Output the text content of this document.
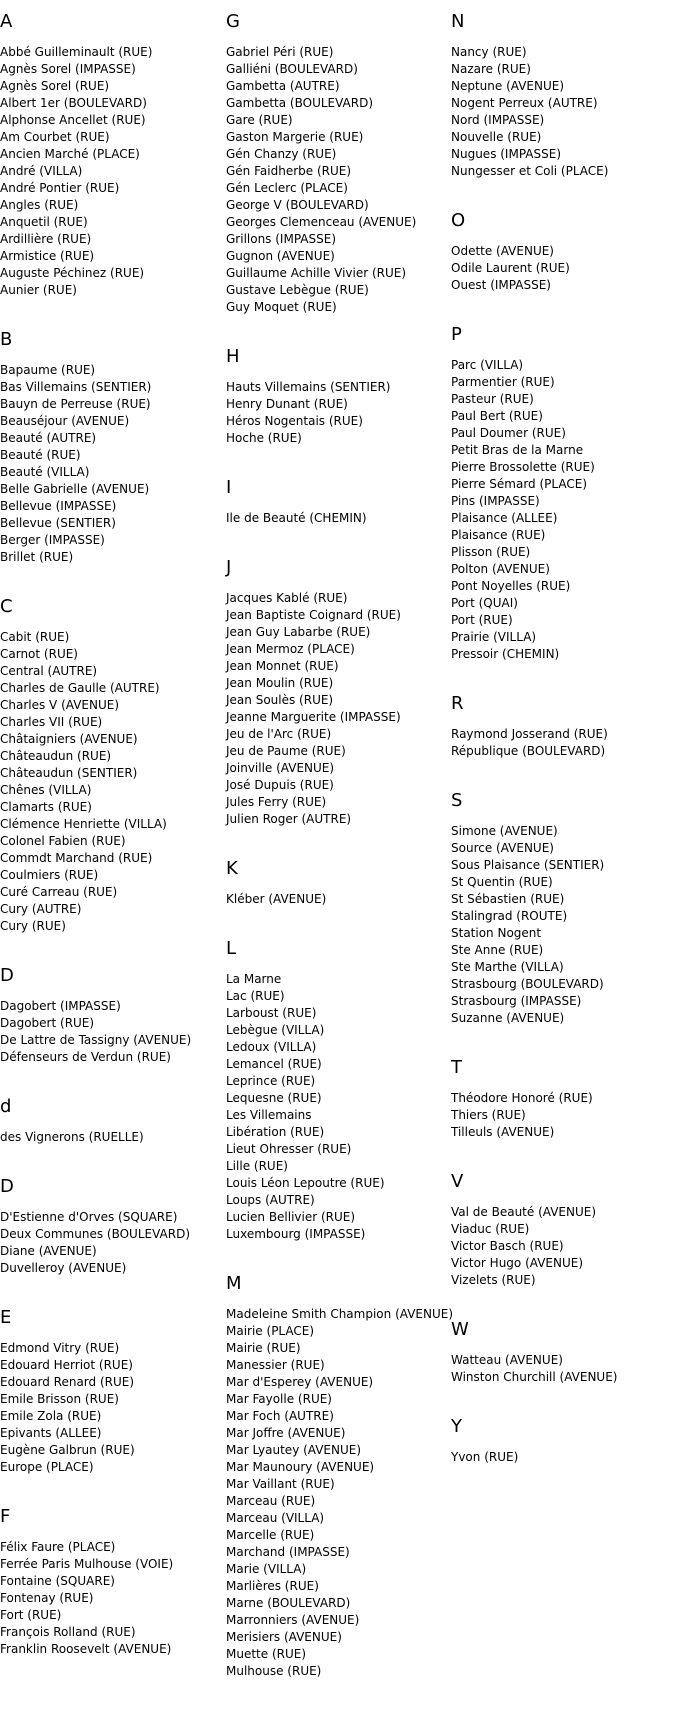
A
Abbé Guilleminault (RUE)
Agnès Sorel (IMPASSE)
Agnès Sorel (RUE)
Albert 1er (BOULEVARD)
Alphonse Ancellet (RUE)
Am Courbet (RUE)
Ancien Marché (PLACE)
André (VILLA)
André Pontier (RUE)
Angles (RUE)
Anquetil (RUE)
Ardillière (RUE)
Armistice (RUE)
Auguste Péchinez (RUE)
Aunier (RUE)
B
Bapaume (RUE)
Bas Villemains (SENTIER)
Bauyn de Perreuse (RUE)
Beauséjour (AVENUE)
Beauté (AUTRE)
Beauté (RUE)
Beauté (VILLA)
Belle Gabrielle (AVENUE)
Bellevue (IMPASSE)
Bellevue (SENTIER)
Berger (IMPASSE)
Brillet (RUE)
C
Cabit (RUE)
Carnot (RUE)
Central (AUTRE)
Charles de Gaulle (AUTRE)
Charles V (AVENUE)
Charles VII (RUE)
Châtaigniers (AVENUE)
Châteaudun (RUE)
Châteaudun (SENTIER)
Chênes (VILLA)
Clamarts (RUE)
Clémence Henriette (VILLA)
Colonel Fabien (RUE)
Commdt Marchand (RUE)
Coulmiers (RUE)
Curé Carreau (RUE)
Cury (AUTRE)
Cury (RUE)
D
Dagobert (IMPASSE)
Dagobert (RUE)
De Lattre de Tassigny (AVENUE)
Défenseurs de Verdun (RUE)
d
des Vignerons (RUELLE)
D
D'Estienne d'Orves (SQUARE)
Deux Communes (BOULEVARD)
Diane (AVENUE)
Duvelleroy (AVENUE)
E
Edmond Vitry (RUE)
Edouard Herriot (RUE)
Edouard Renard (RUE)
Emile Brisson (RUE)
Emile Zola (RUE)
Epivants (ALLEE)
Eugène Galbrun (RUE)
Europe (PLACE)
F
Félix Faure (PLACE)
Ferrée Paris Mulhouse (VOIE)
Fontaine (SQUARE)
Fontenay (RUE)
Fort (RUE)
François Rolland (RUE)
Franklin Roosevelt (AVENUE)
G
Gabriel Péri (RUE)
Galliéni (BOULEVARD)
Gambetta (AUTRE)
Gambetta (BOULEVARD)
Gare (RUE)
Gaston Margerie (RUE)
Gén Chanzy (RUE)
Gén Faidherbe (RUE)
Gén Leclerc (PLACE)
George V (BOULEVARD)
Georges Clemenceau (AVENUE)
Grillons (IMPASSE)
Gugnon (AVENUE)
Guillaume Achille Vivier (RUE)
Gustave Lebègue (RUE)
Guy Moquet (RUE)
H
Hauts Villemains (SENTIER)
Henry Dunant (RUE)
Héros Nogentais (RUE)
Hoche (RUE)
I
Ile de Beauté (CHEMIN)
J
Jacques Kablé (RUE)
Jean Baptiste Coignard (RUE)
Jean Guy Labarbe (RUE)
Jean Mermoz (PLACE)
Jean Monnet (RUE)
Jean Moulin (RUE)
Jean Soulès (RUE)
Jeanne Marguerite (IMPASSE)
Jeu de l'Arc (RUE)
Jeu de Paume (RUE)
Joinville (AVENUE)
José Dupuis (RUE)
Jules Ferry (RUE)
Julien Roger (AUTRE)
K
Kléber (AVENUE)
L
La Marne
Lac (RUE)
Larboust (RUE)
Lebègue (VILLA)
Ledoux (VILLA)
Lemancel (RUE)
Leprince (RUE)
Lequesne (RUE)
Les Villemains
Libération (RUE)
Lieut Ohresser (RUE)
Lille (RUE)
Louis Léon Lepoutre (RUE)
Loups (AUTRE)
Lucien Bellivier (RUE)
Luxembourg (IMPASSE)
M
Madeleine Smith Champion (AVENUE)
Mairie (PLACE)
Mairie (RUE)
Manessier (RUE)
Mar d'Esperey (AVENUE)
Mar Fayolle (RUE)
Mar Foch (AUTRE)
Mar Joffre (AVENUE)
Mar Lyautey (AVENUE)
Mar Maunoury (AVENUE)
Mar Vaillant (RUE)
Marceau (RUE)
Marceau (VILLA)
Marcelle (RUE)
Marchand (IMPASSE)
Marie (VILLA)
Marlières (RUE)
Marne (BOULEVARD)
Marronniers (AVENUE)
Merisiers (AVENUE)
Muette (RUE)
Mulhouse (RUE)
N
Nancy (RUE)
Nazare (RUE)
Neptune (AVENUE)
Nogent Perreux (AUTRE)
Nord (IMPASSE)
Nouvelle (RUE)
Nugues (IMPASSE)
Nungesser et Coli (PLACE)
O
Odette (AVENUE)
Odile Laurent (RUE)
Ouest (IMPASSE)
P
Parc (VILLA)
Parmentier (RUE)
Pasteur (RUE)
Paul Bert (RUE)
Paul Doumer (RUE)
Petit Bras de la Marne
Pierre Brossolette (RUE)
Pierre Sémard (PLACE)
Pins (IMPASSE)
Plaisance (ALLEE)
Plaisance (RUE)
Plisson (RUE)
Polton (AVENUE)
Pont Noyelles (RUE)
Port (QUAI)
Port (RUE)
Prairie (VILLA)
Pressoir (CHEMIN)
R
Raymond Josserand (RUE)
République (BOULEVARD)
S
Simone (AVENUE)
Source (AVENUE)
Sous Plaisance (SENTIER)
St Quentin (RUE)
St Sébastien (RUE)
Stalingrad (ROUTE)
Station Nogent
Ste Anne (RUE)
Ste Marthe (VILLA)
Strasbourg (BOULEVARD)
Strasbourg (IMPASSE)
Suzanne (AVENUE)
T
Théodore Honoré (RUE)
Thiers (RUE)
Tilleuls (AVENUE)
V
Val de Beauté (AVENUE)
Viaduc (RUE)
Victor Basch (RUE)
Victor Hugo (AVENUE)
Vizelets (RUE)
W
Watteau (AVENUE)
Winston Churchill (AVENUE)
Y
Yvon (RUE)
